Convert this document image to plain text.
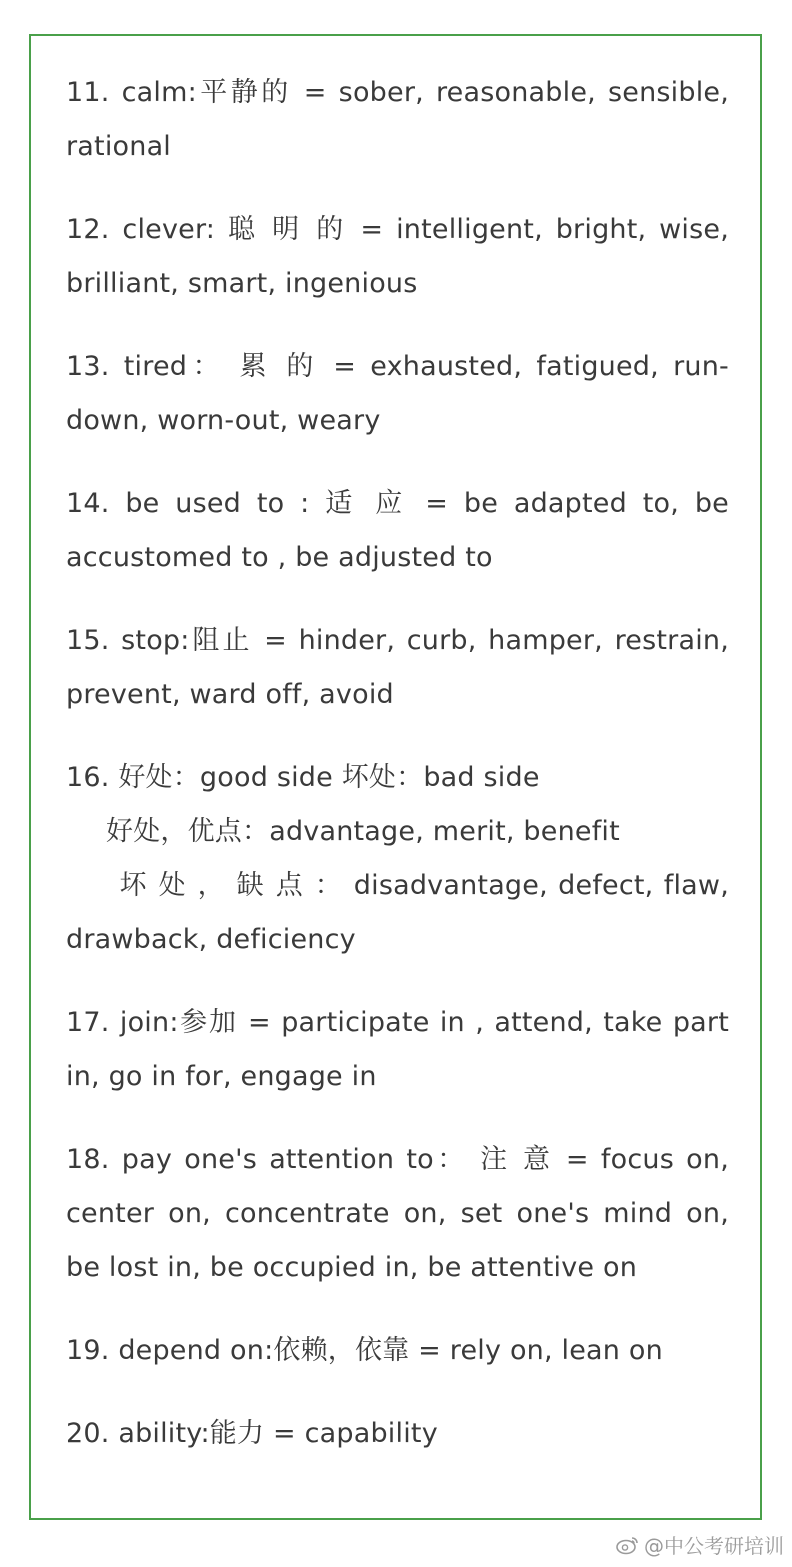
11. calm:平静的 = sober, reasonable, sensible, rational

12. clever: 聪 明 的 = intelligent, bright, wise, brilliant, smart, ingenious

13. tired： 累 的 = exhausted, fatigued, run-down, worn-out, weary

14. be used to : 适 应 = be adapted to, be accustomed to , be adjusted to

15. stop:阻止 = hinder, curb, hamper, restrain, prevent, ward off, avoid

16. 好处：good side 坏处：bad side
好处，优点：advantage, merit, benefit
坏 处 ， 缺 点 ： disadvantage, defect, flaw, drawback, deficiency

17. join:参加 = participate in , attend, take part in, go in for, engage in

18. pay one's attention to： 注 意 = focus on, center on, concentrate on, set one's mind on, be lost in, be occupied in, be attentive on

19. depend on:依赖，依靠 = rely on, lean on

20. ability:能力 = capability

@中公考研培训
